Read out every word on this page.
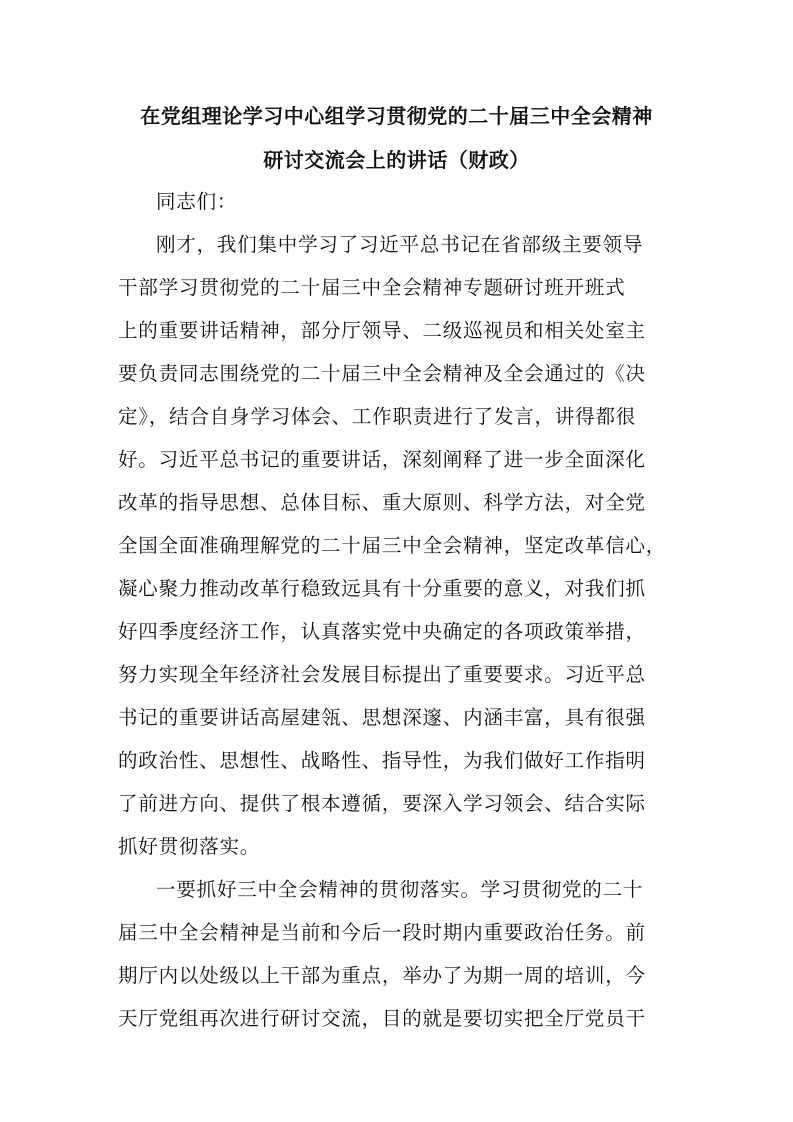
在党组理论学习中心组学习贯彻党的二十届三中全会精神
研讨交流会上的讲话（财政）
同志们：
刚才，我们集中学习了习近平总书记在省部级主要领导
干部学习贯彻党的二十届三中全会精神专题研讨班开班式
上的重要讲话精神，部分厅领导、二级巡视员和相关处室主
要负责同志围绕党的二十届三中全会精神及全会通过的《决
定》，结合自身学习体会、工作职责进行了发言，讲得都很
好。习近平总书记的重要讲话，深刻阐释了进一步全面深化
改革的指导思想、总体目标、重大原则、科学方法，对全党
全国全面准确理解党的二十届三中全会精神，坚定改革信心，
凝心聚力推动改革行稳致远具有十分重要的意义，对我们抓
好四季度经济工作，认真落实党中央确定的各项政策举措，
努力实现全年经济社会发展目标提出了重要要求。习近平总
书记的重要讲话高屋建瓴、思想深邃、内涵丰富，具有很强
的政治性、思想性、战略性、指导性，为我们做好工作指明
了前进方向、提供了根本遵循，要深入学习领会、结合实际
抓好贯彻落实。
一要抓好三中全会精神的贯彻落实。学习贯彻党的二十
届三中全会精神是当前和今后一段时期内重要政治任务。前
期厅内以处级以上干部为重点，举办了为期一周的培训，今
天厅党组再次进行研讨交流，目的就是要切实把全厅党员干
